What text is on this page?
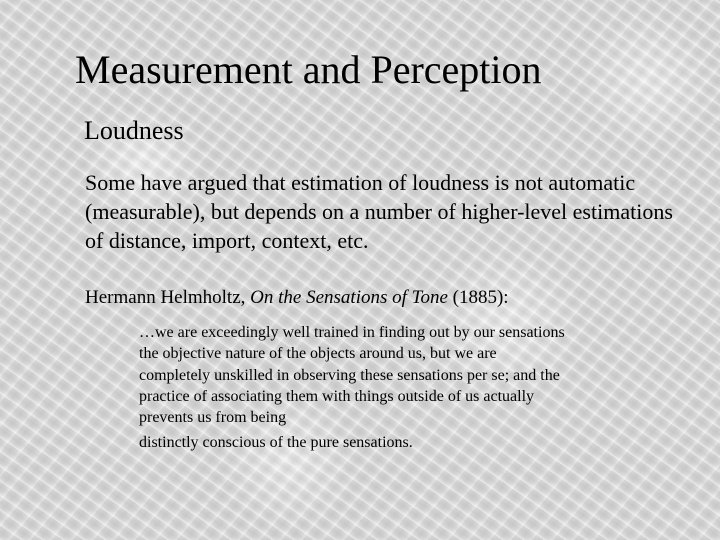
Measurement and Perception
Loudness
Some have argued that estimation of loudness is not automatic (measurable), but depends on a number of higher-level estimations of distance, import, context, etc.
Hermann Helmholtz, On the Sensations of Tone (1885):
…we are exceedingly well trained in finding out by our sensations the objective nature of the objects around us, but we are completely unskilled in observing these sensations per se; and the practice of associating them with things outside of us actually prevents us from being
distinctly conscious of the pure sensations.
